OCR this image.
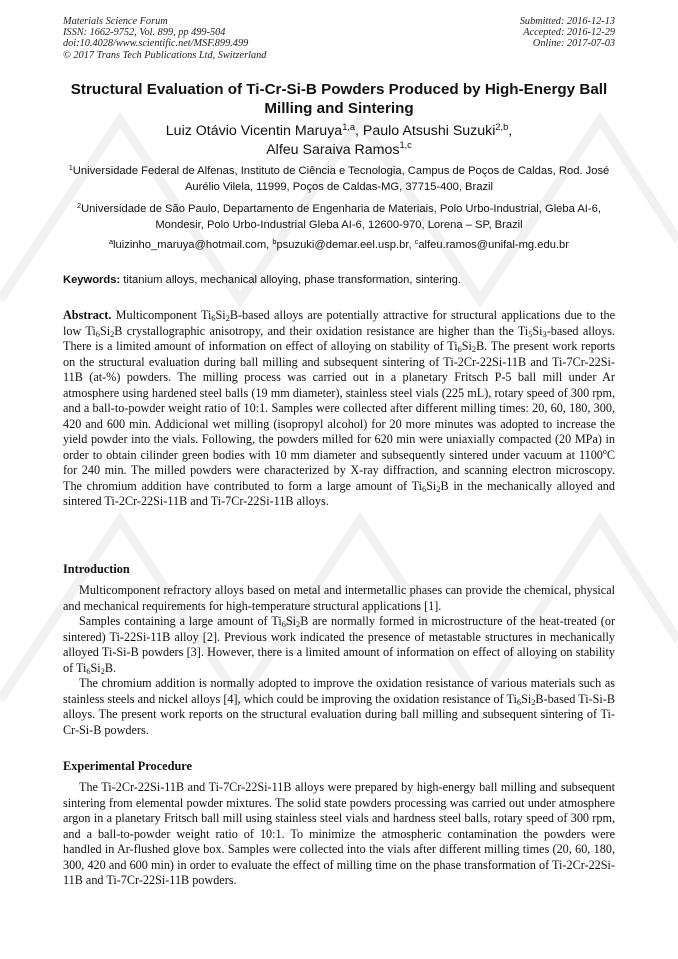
Materials Science Forum
ISSN: 1662-9752, Vol. 899, pp 499-504
doi:10.4028/www.scientific.net/MSF.899.499
© 2017 Trans Tech Publications Ltd, Switzerland
Submitted: 2016-12-13
Accepted: 2016-12-29
Online: 2017-07-03
Structural Evaluation of Ti-Cr-Si-B Powders Produced by High-Energy Ball Milling and Sintering
Luiz Otávio Vicentin Maruya$^{1,a}$, Paulo Atsushi Suzuki$^{2,b}$,
Alfeu Saraiva Ramos$^{1,c}$
$^1$Universidade Federal de Alfenas, Instituto de Ciência e Tecnologia, Campus de Poços de Caldas, Rod. José Aurélio Vilela, 11999, Poços de Caldas-MG, 37715-400, Brazil
$^2$Universidade de São Paulo, Departamento de Engenharia de Materiais, Polo Urbo-Industrial, Gleba AI-6, Mondesir, Polo Urbo-Industrial Gleba AI-6, 12600-970, Lorena – SP, Brazil
$^a$luizinho_maruya@hotmail.com, $^b$psuzuki@demar.eel.usp.br, $^c$alfeu.ramos@unifal-mg.edu.br
Keywords: titanium alloys, mechanical alloying, phase transformation, sintering.

Abstract. Multicomponent $Ti_6Si_2B$-based alloys are potentially attractive for structural applications due to the low $Ti_6Si_2B$ crystallographic anisotropy, and their oxidation resistance are higher than the $Ti_5Si_3$-based alloys. There is a limited amount of information on effect of alloying on stability of $Ti_6Si_2B$. The present work reports on the structural evaluation during ball milling and subsequent sintering of Ti-2Cr-22Si-11B and Ti-7Cr-22Si-11B (at-%) powders. The milling process was carried out in a planetary Fritsch P-5 ball mill under Ar atmosphere using hardened steel balls (19 mm diameter), stainless steel vials (225 mL), rotary speed of 300 rpm, and a ball-to-powder weight ratio of 10:1. Samples were collected after different milling times: 20, 60, 180, 300, 420 and 600 min. Addicional wet milling (isopropyl alcohol) for 20 more minutes was adopted to increase the yield powder into the vials. Following, the powders milled for 620 min were uniaxially compacted (20 MPa) in order to obtain cilinder green bodies with 10 mm diameter and subsequently sintered under vacuum at 1100$^o$C for 240 min. The milled powders were characterized by X-ray diffraction, and scanning electron microscopy. The chromium addition have contributed to form a large amount of $Ti_6Si_2B$ in the mechanically alloyed and sintered Ti-2Cr-22Si-11B and Ti-7Cr-22Si-11B alloys.

Introduction

Multicomponent refractory alloys based on metal and intermetallic phases can provide the chemical, physical and mechanical requirements for high-temperature structural applications [1].

Samples containing a large amount of $Ti_6Si_2B$ are normally formed in microstructure of the heat-treated (or sintered) Ti-22Si-11B alloy [2]. Previous work indicated the presence of metastable structures in mechanically alloyed Ti-Si-B powders [3]. However, there is a limited amount of information on effect of alloying on stability of $Ti_6Si_2B$.

The chromium addition is normally adopted to improve the oxidation resistance of various materials such as stainless steels and nickel alloys [4], which could be improving the oxidation resistance of $Ti_6Si_2B$-based Ti-Si-B alloys. The present work reports on the structural evaluation during ball milling and subsequent sintering of Ti-Cr-Si-B powders.

Experimental Procedure

The Ti-2Cr-22Si-11B and Ti-7Cr-22Si-11B alloys were prepared by high-energy ball milling and subsequent sintering from elemental powder mixtures. The solid state powders processing was carried out under atmosphere argon in a planetary Fritsch ball mill using stainless steel vials and hardness steel balls, rotary speed of 300 rpm, and a ball-to-powder weight ratio of 10:1. To minimize the atmospheric contamination the powders were handled in Ar-flushed glove box. Samples were collected into the vials after different milling times (20, 60, 180, 300, 420 and 600 min) in order to evaluate the effect of milling time on the phase transformation of Ti-2Cr-22Si-11B and Ti-7Cr-22Si-11B powders.
